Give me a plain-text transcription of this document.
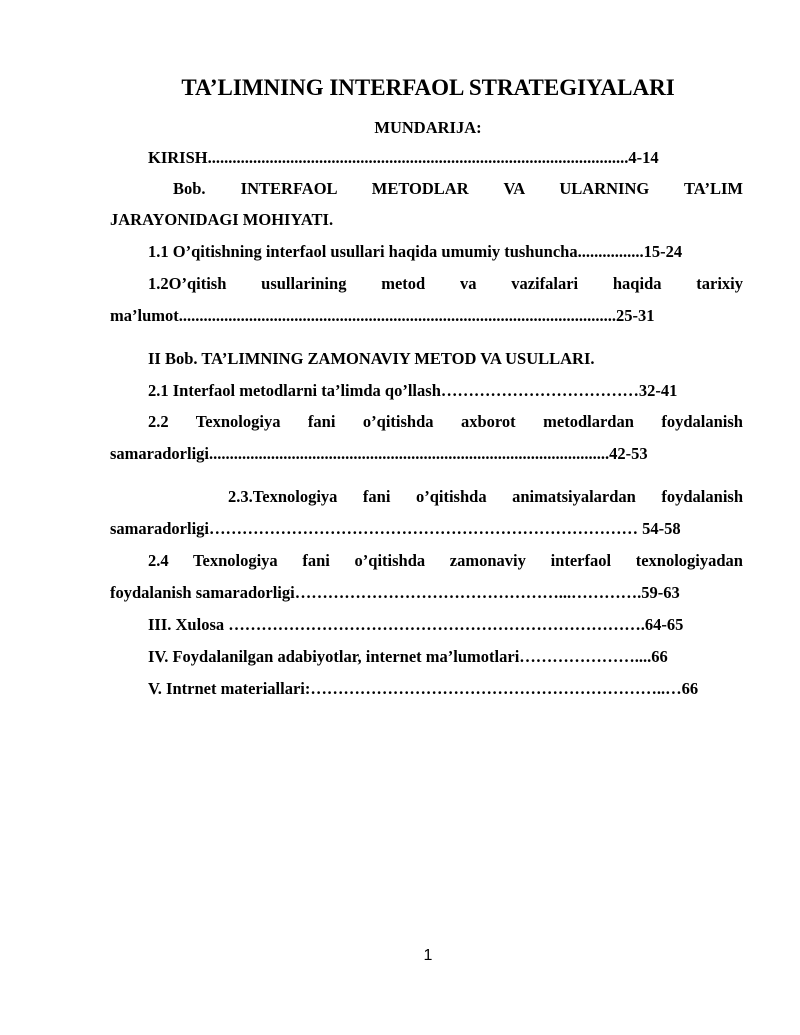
TA’LIMNING INTERFAOL STRATEGIYALARI
MUNDARIJA:
KIRISH......................................................................................................4-14
Bob. INTERFAOL METODLAR VA ULARNING TA’LIM
JARAYONIDAGI MOHIYATI.
1.1 O’qitishning interfaol usullari haqida umumiy tushuncha................15-24
1.2O’qitish usullarining metod va vazifalari haqida tarixiy
ma’lumot..........................................................................................................25-31
II Bob. TA’LIMNING ZAMONAVIY METOD VA USULLARI.
2.1 Interfaol metodlarni ta’limda qo’llash………………………………32-41
2.2 Texnologiya fani o’qitishda axborot metodlardan foydalanish
samaradorligi.................................................................................................42-53
2.3.Texnologiya fani o’qitishda animatsiyalardan foydalanish
samaradorligi…………………………………………………………………… 54-58
2.4 Texnologiya fani o’qitishda zamonaviy interfaol texnologiyadan
foydalanish samaradorligi…………………………………………...………….59-63
III. Xulosa ………………………………………………………………….64-65
IV. Foydalanilgan adabiyotlar, internet ma’lumotlari…………………....66
V. Intrnet materiallari:………………………………………………………..…66
1
